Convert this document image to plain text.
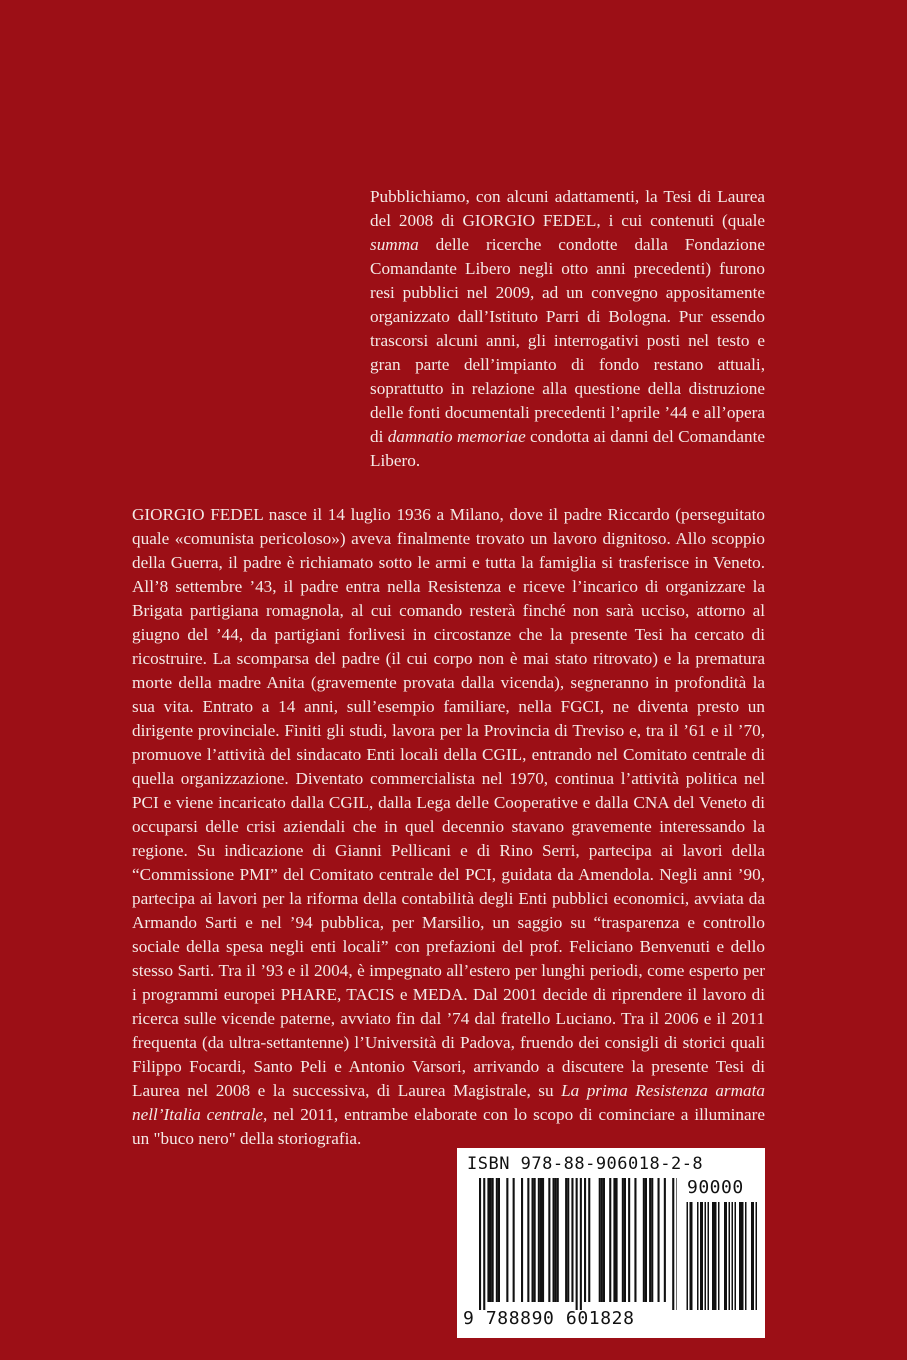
Pubblichiamo, con alcuni adattamenti, la Tesi di Laurea del 2008 di GIORGIO FEDEL, i cui contenuti (quale summa delle ricerche condotte dalla Fondazione Comandante Libero negli otto anni precedenti) furono resi pubblici nel 2009, ad un convegno appositamente organizzato dall’Istituto Parri di Bologna. Pur essendo trascorsi alcuni anni, gli interrogativi posti nel testo e gran parte dell’impianto di fondo restano attuali, soprattutto in relazione alla questione della distruzione delle fonti documentali precedenti l’aprile ’44 e all’opera di damnatio memoriae condotta ai danni del Comandante Libero.
GIORGIO FEDEL nasce il 14 luglio 1936 a Milano, dove il padre Riccardo (perseguitato quale «comunista pericoloso») aveva finalmente trovato un lavoro dignitoso. Allo scoppio della Guerra, il padre è richiamato sotto le armi e tutta la famiglia si trasferisce in Veneto. All’8 settembre ’43, il padre entra nella Resistenza e riceve l’incarico di organizzare la Brigata partigiana romagnola, al cui comando resterà finché non sarà ucciso, attorno al giugno del ’44, da partigiani forlivesi in circostanze che la presente Tesi ha cercato di ricostruire. La scomparsa del padre (il cui corpo non è mai stato ritrovato) e la prematura morte della madre Anita (gravemente provata dalla vicenda), segneranno in profondità la sua vita. Entrato a 14 anni, sull’esempio familiare, nella FGCI, ne diventa presto un dirigente provinciale. Finiti gli studi, lavora per la Provincia di Treviso e, tra il ’61 e il ’70, promuove l’attività del sindacato Enti locali della CGIL, entrando nel Comitato centrale di quella organizzazione. Diventato commercialista nel 1970, continua l’attività politica nel PCI e viene incaricato dalla CGIL, dalla Lega delle Cooperative e dalla CNA del Veneto di occuparsi delle crisi aziendali che in quel decennio stavano gravemente interessando la regione. Su indicazione di Gianni Pellicani e di Rino Serri, partecipa ai lavori della “Commissione PMI” del Comitato centrale del PCI, guidata da Amendola. Negli anni ’90, partecipa ai lavori per la riforma della contabilità degli Enti pubblici economici, avviata da Armando Sarti e nel ’94 pubblica, per Marsilio, un saggio su “trasparenza e controllo sociale della spesa negli enti locali” con prefazioni del prof. Feliciano Benvenuti e dello stesso Sarti. Tra il ’93 e il 2004, è impegnato all’estero per lunghi periodi, come esperto per i programmi europei PHARE, TACIS e MEDA. Dal 2001 decide di riprendere il lavoro di ricerca sulle vicende paterne, avviato fin dal ’74 dal fratello Luciano. Tra il 2006 e il 2011 frequenta (da ultra-settantenne) l’Università di Padova, fruendo dei consigli di storici quali Filippo Focardi, Santo Peli e Antonio Varsori, arrivando a discutere la presente Tesi di Laurea nel 2008 e la successiva, di Laurea Magistrale, su La prima Resistenza armata nell’Italia centrale, nel 2011, entrambe elaborate con lo scopo di cominciare a illuminare un "buco nero" della storiografia.
ISBN 978-88-906018-2-8
90000
9 788890 601828
